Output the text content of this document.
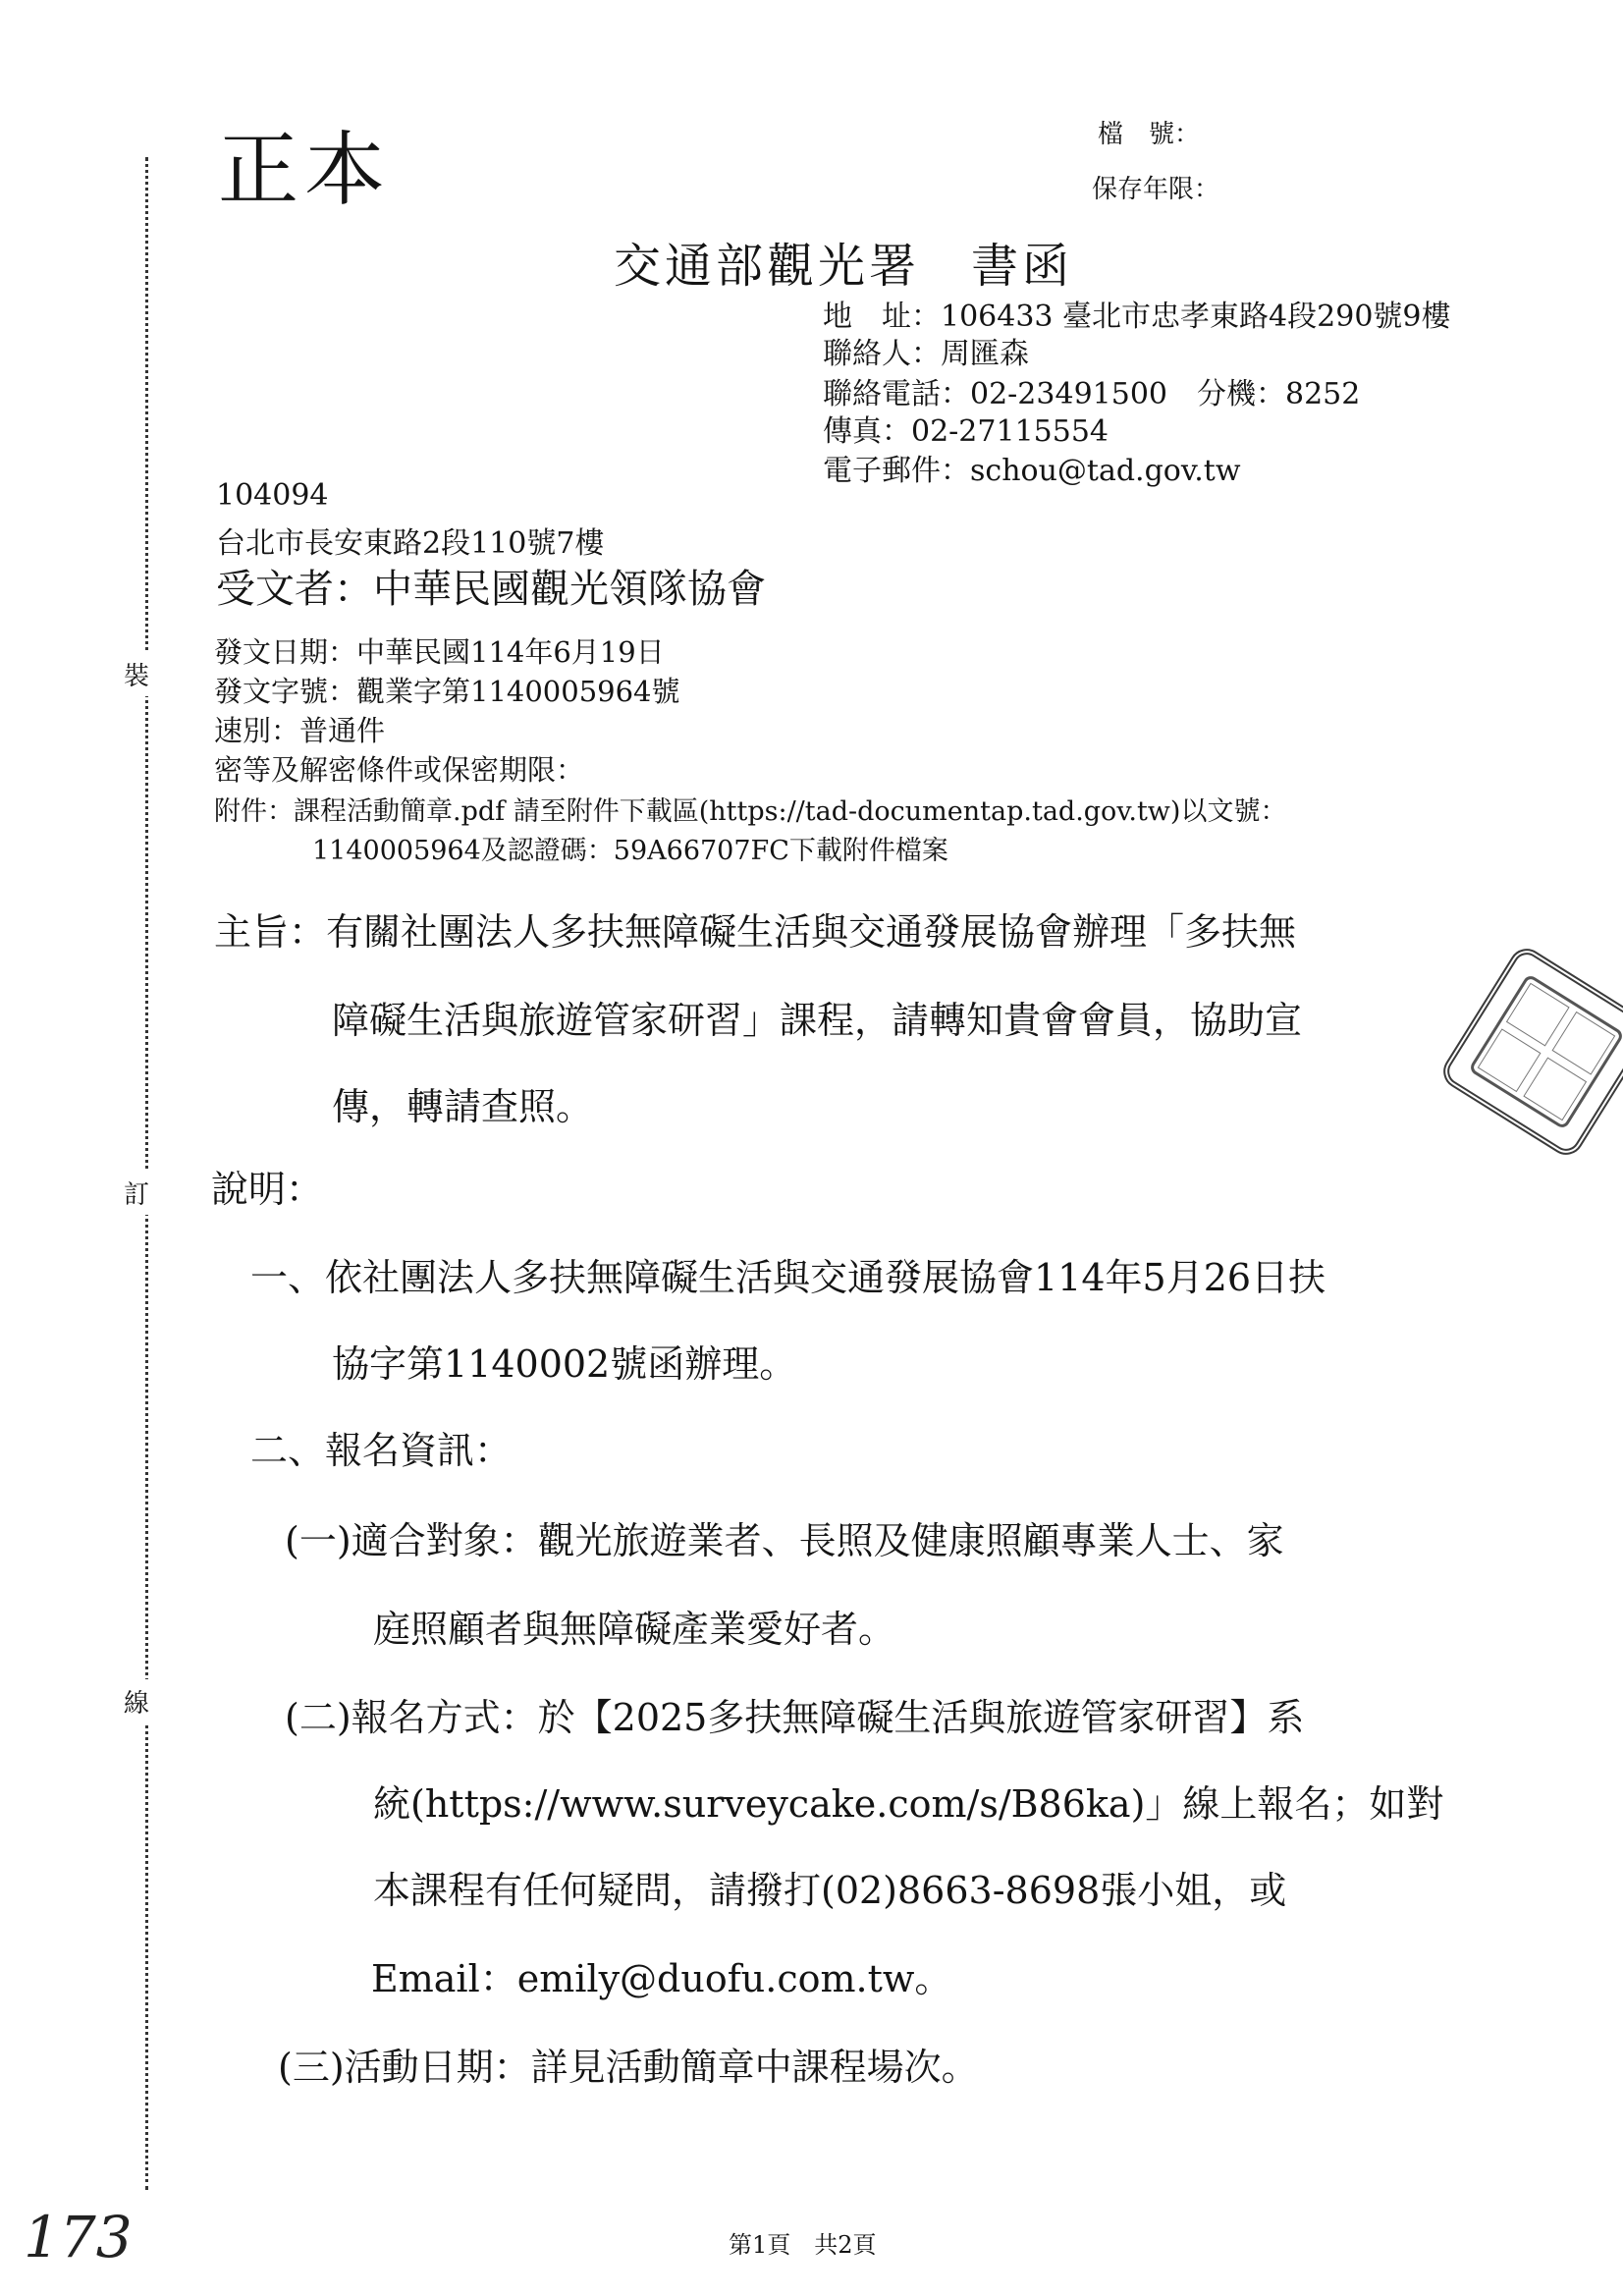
裝
訂
線
正本	檔　號：
保存年限：
交通部觀光署　書函
地　址：106433 臺北市忠孝東路4段290號9樓
聯絡人：周匯森
聯絡電話：02-23491500　分機：8252
傳真：02-27115554
電子郵件：schou@tad.gov.tw
104094
台北市長安東路2段110號7樓
受文者：中華民國觀光領隊協會
發文日期：中華民國114年6月19日
發文字號：觀業字第1140005964號
速別：普通件
密等及解密條件或保密期限：
附件：課程活動簡章.pdf 請至附件下載區(https://tad-documentap.tad.gov.tw)以文號：
1140005964及認證碼：59A66707FC下載附件檔案
主旨：有關社團法人多扶無障礙生活與交通發展協會辦理「多扶無
障礙生活與旅遊管家研習」課程，請轉知貴會會員，協助宣
傳，轉請查照。
說明：
一、依社團法人多扶無障礙生活與交通發展協會114年5月26日扶
協字第1140002號函辦理。
二、報名資訊：
(一)適合對象：觀光旅遊業者、長照及健康照顧專業人士、家
庭照顧者與無障礙產業愛好者。
(二)報名方式：於【2025多扶無障礙生活與旅遊管家研習】系
統(https://www.surveycake.com/s/B86ka)」線上報名；如對
本課程有任何疑問，請撥打(02)8663-8698張小姐，或
Email：emily@duofu.com.tw。
(三)活動日期：詳見活動簡章中課程場次。
第1頁　共2頁
173
